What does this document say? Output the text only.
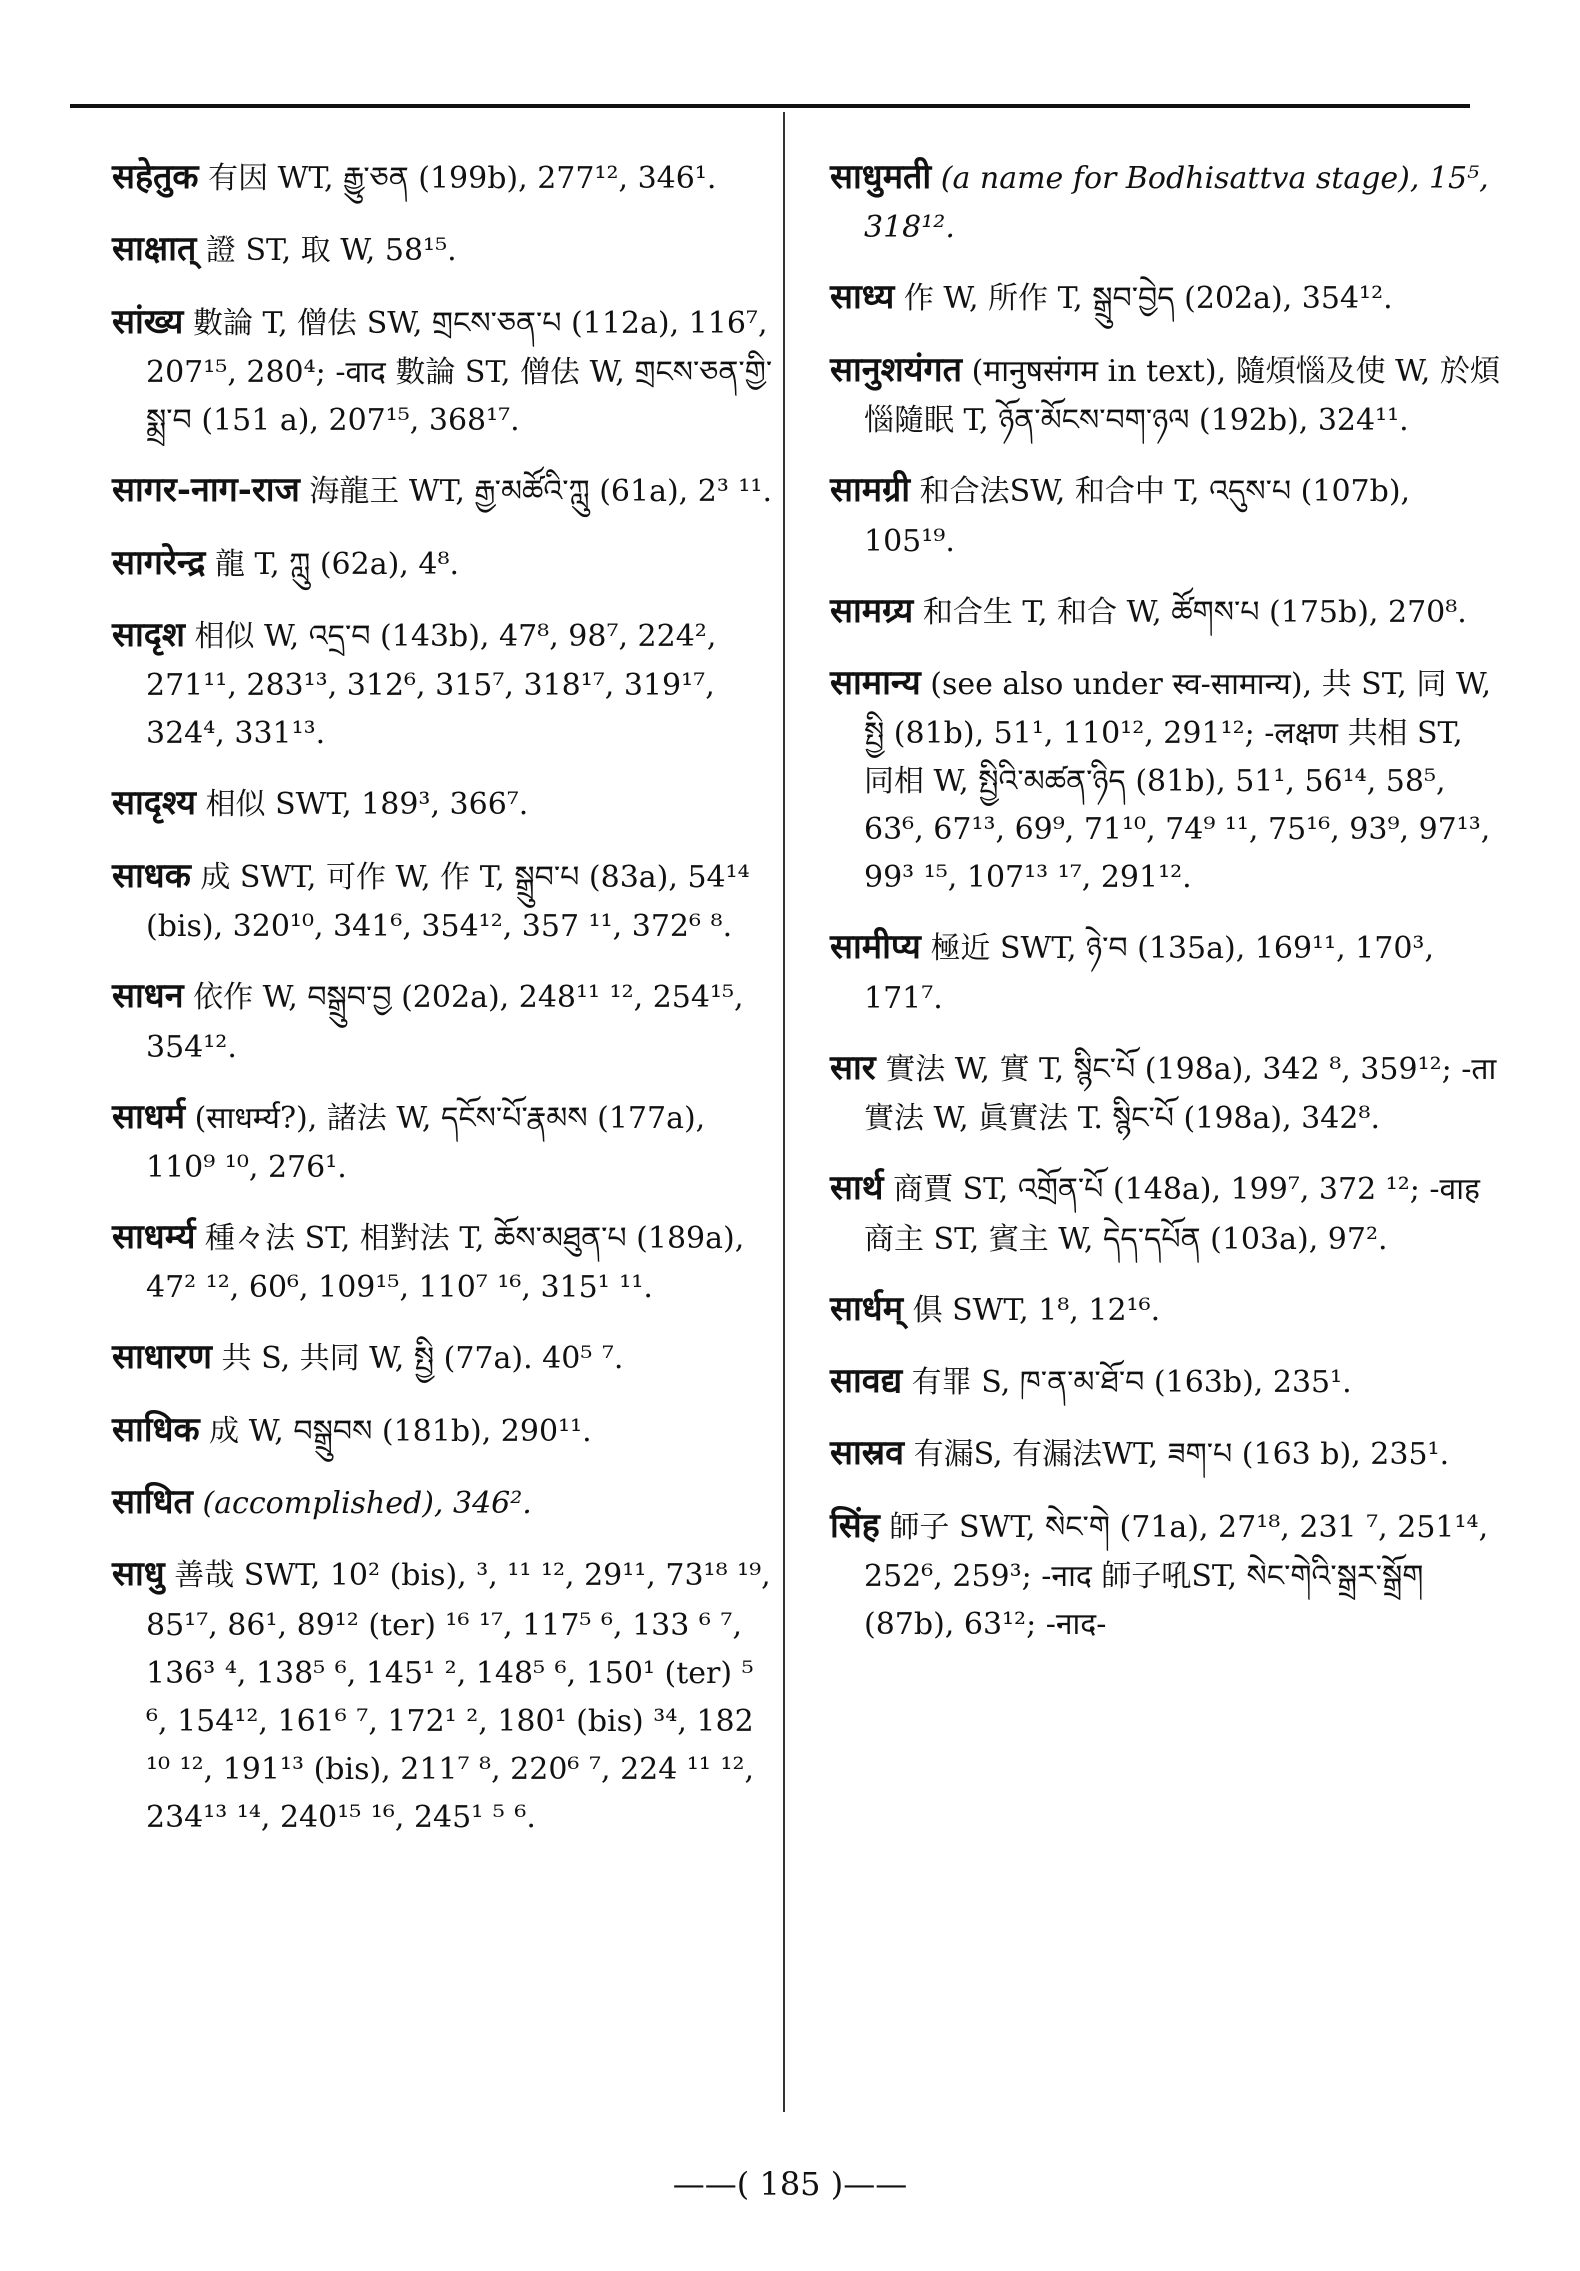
सहेतुक 有因 WT, རྒྱུ་ཅན (199b), 277¹², 346¹.

साक्षात् 證 ST, 取 W, 58¹⁵.

सांख्य 數論 T, 僧佉 SW, གྲངས་ཅན་པ (112a), 116⁷, 207¹⁵, 280⁴; -वाद 數論 ST, 僧佉 W, གྲངས་ཅན་གྱི་སྨྲ་བ (151 a), 207¹⁵, 368¹⁷.

सागर-नाग-राज 海龍王 WT, རྒྱ་མཚོའི་ཀླུ (61a), 2³ ¹¹.

सागरेन्द्र 龍 T, ཀླུ (62a), 4⁸.

सादृश 相似 W, འདྲ་བ (143b), 47⁸, 98⁷, 224², 271¹¹, 283¹³, 312⁶, 315⁷, 318¹⁷, 319¹⁷, 324⁴, 331¹³.

सादृश्य 相似 SWT, 189³, 366⁷.

साधक 成 SWT, 可作 W, 作 T, སྒྲུབ་པ (83a), 54¹⁴ (bis), 320¹⁰, 341⁶, 354¹², 357 ¹¹, 372⁶ ⁸.

साधन 依作 W, བསྒྲུབ་བྱ (202a), 248¹¹ ¹², 254¹⁵, 354¹².

साधर्म (साधर्म्य?), 諸法 W, དངོས་པོ་རྣམས (177a), 110⁹ ¹⁰, 276¹.

साधर्म्य 種々法 ST, 相對法 T, ཆོས་མཐུན་པ (189a), 47² ¹², 60⁶, 109¹⁵, 110⁷ ¹⁶, 315¹ ¹¹.

साधारण 共 S, 共同 W, སྤྱི (77a). 40⁵ ⁷.

साधिक 成 W, བསྒྲུབས (181b), 290¹¹.

साधित (accomplished), 346².

साधु 善哉 SWT, 10² (bis), ³, ¹¹ ¹², 29¹¹, 73¹⁸ ¹⁹, 85¹⁷, 86¹, 89¹² (ter) ¹⁶ ¹⁷, 117⁵ ⁶, 133 ⁶ ⁷, 136³ ⁴, 138⁵ ⁶, 145¹ ², 148⁵ ⁶, 150¹ (ter) ⁵ ⁶, 154¹², 161⁶ ⁷, 172¹ ², 180¹ (bis) ³⁴, 182 ¹⁰ ¹², 191¹³ (bis), 211⁷ ⁸, 220⁶ ⁷, 224 ¹¹ ¹², 234¹³ ¹⁴, 240¹⁵ ¹⁶, 245¹ ⁵ ⁶.

साधुमती (a name for Bodhisattva stage), 15⁵, 318¹².

साध्य 作 W, 所作 T, སྒྲུབ་བྱེད (202a), 354¹².

सानुशयंगत (मानुषसंगम in text), 隨煩惱及使 W, 於煩惱隨眠 T, ཉོན་མོངས་བག་ཉལ (192b), 324¹¹.

सामग्री 和合法SW, 和合中 T, འདུས་པ (107b), 105¹⁹.

सामग्र्य 和合生 T, 和合 W, ཚོགས་པ (175b), 270⁸.

सामान्य (see also under स्व-सामान्य), 共 ST, 同 W, སྤྱི (81b), 51¹, 110¹², 291¹²; -लक्षण 共相 ST, 同相 W, སྤྱིའི་མཚན་ཉིད (81b), 51¹, 56¹⁴, 58⁵, 63⁶, 67¹³, 69⁹, 71¹⁰, 74⁹ ¹¹, 75¹⁶, 93⁹, 97¹³, 99³ ¹⁵, 107¹³ ¹⁷, 291¹².

सामीप्य 極近 SWT, ཉེ་བ (135a), 169¹¹, 170³, 171⁷.

सार 實法 W, 實 T, སྙིང་པོ (198a), 342 ⁸, 359¹²; -ता 實法 W, 眞實法 T. སྙིང་པོ (198a), 342⁸.

सार्थ 商賈 ST, འགྲོན་པོ (148a), 199⁷, 372 ¹²; -वाह 商主 ST, 賓主 W, དེད་དཔོན (103a), 97².

सार्धम् 俱 SWT, 1⁸, 12¹⁶.

सावद्य 有罪 S, ཁ་ན་མ་ཐོ་བ (163b), 235¹.

सास्रव 有漏S, 有漏法WT, ཟག་པ (163 b), 235¹.

सिंह 師子 SWT, སེང་གེ (71a), 27¹⁸, 231 ⁷, 251¹⁴, 252⁶, 259³; -नाद 師子吼ST, སེང་གེའི་སྒྲར་སྒྲོག (87b), 63¹²; -नाद-

——( 185 )——
